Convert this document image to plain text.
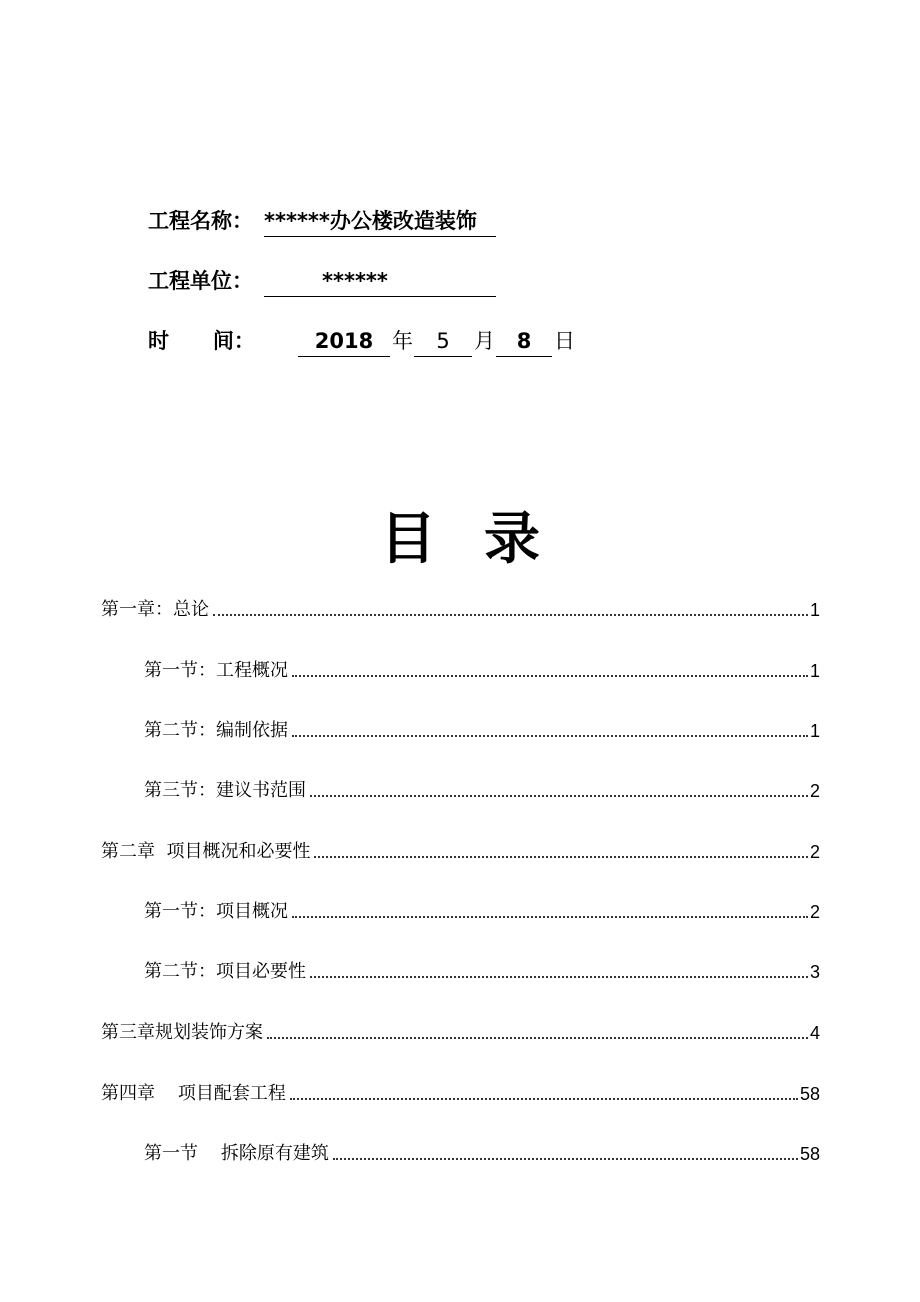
工程名称： ******办公楼改造装饰
工程单位：	******
时      间：	2018 年	5	月	8	日
目录
第一章：总论	1
第一节：工程概况	1
第二节：编制依据	1
第三节：建议书范围	2
第二章  项目概况和必要性	2
第一节：项目概况	2
第二节：项目必要性	3
第三章规划装饰方案	4
第四章    项目配套工程	58
第一节    拆除原有建筑	58
